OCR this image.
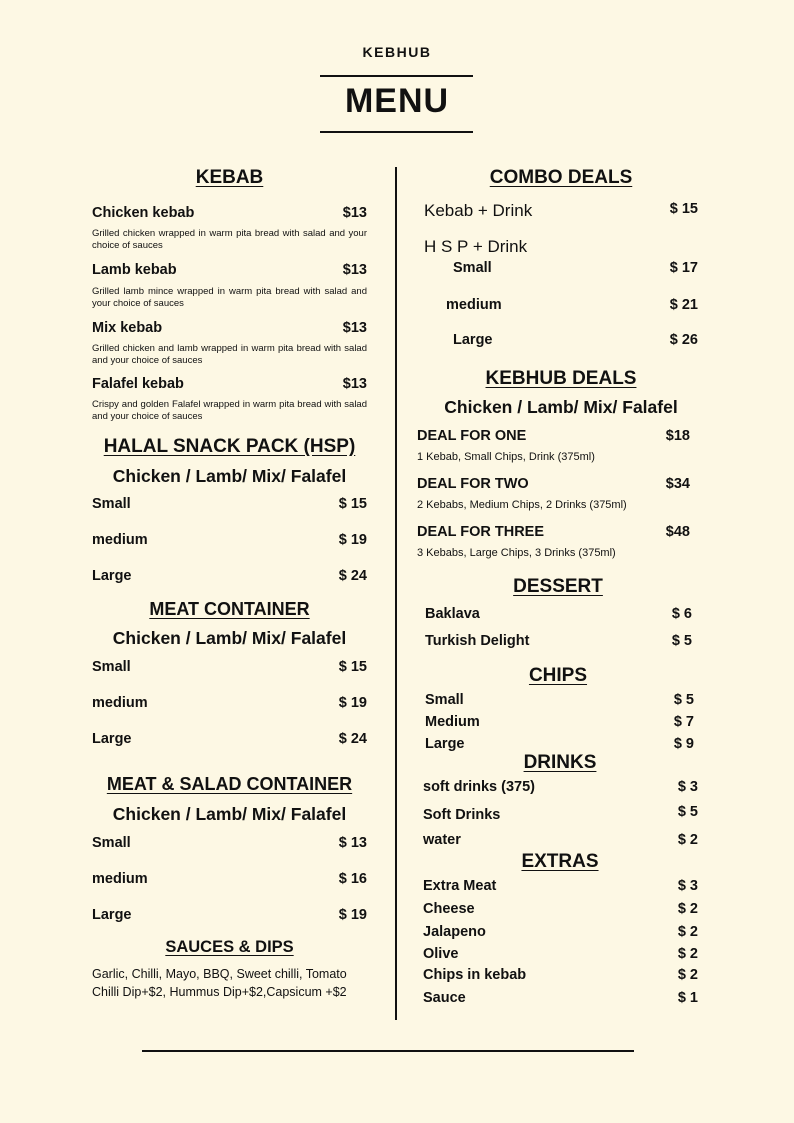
KEBHUB
MENU
KEBAB
Chicken kebab	$13
Grilled chicken wrapped in warm pita bread with salad and your choice of sauces
Lamb kebab	$13
Grilled lamb mince wrapped in warm pita bread with salad and your choice of sauces
Mix kebab	$13
Grilled chicken and lamb wrapped in warm pita bread with salad and your choice of sauces
Falafel kebab	$13
Crispy and golden Falafel wrapped in warm pita bread with salad and your choice of sauces
HALAL SNACK PACK (HSP)
Chicken / Lamb/ Mix/ Falafel
Small	$ 15
medium	$ 19
Large	$ 24
MEAT CONTAINER
Chicken / Lamb/ Mix/ Falafel
Small	$ 15
medium	$ 19
Large	$ 24
MEAT & SALAD CONTAINER
Chicken / Lamb/ Mix/ Falafel
Small	$ 13
medium	$ 16
Large	$ 19
SAUCES & DIPS
Garlic, Chilli, Mayo, BBQ, Sweet chilli, Tomato
Chilli Dip+$2, Hummus Dip+$2,Capsicum +$2
COMBO DEALS
Kebab + Drink	$ 15
H S P + Drink
Small	$ 17
medium	$ 21
Large	$ 26
KEBHUB DEALS
Chicken / Lamb/ Mix/ Falafel
DEAL FOR ONE	$18
1 Kebab, Small Chips, Drink (375ml)
DEAL FOR TWO	$34
2 Kebabs, Medium Chips, 2 Drinks (375ml)
DEAL FOR THREE	$48
3 Kebabs, Large Chips, 3 Drinks (375ml)
DESSERT
Baklava	$ 6
Turkish Delight	$ 5
CHIPS
Small	$ 5
Medium	$ 7
Large	$ 9
DRINKS
soft drinks (375)	$ 3
Soft Drinks	$ 5
water	$ 2
EXTRAS
Extra Meat	$ 3
Cheese	$ 2
Jalapeno	$ 2
Olive	$ 2
Chips in kebab	$ 2
Sauce	$ 1
